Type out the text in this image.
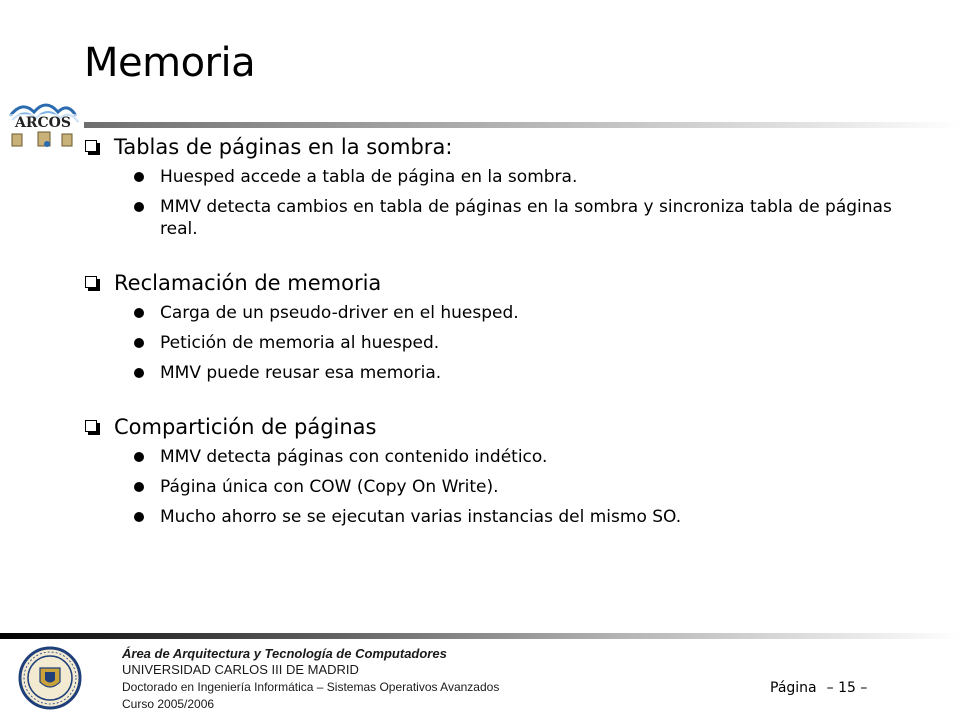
Memoria
ARCOS
Tablas de páginas en la sombra:
Huesped accede a tabla de página en la sombra.
MMV detecta cambios en tabla de páginas en la sombra y sincroniza tabla de páginas real.
Reclamación de memoria
Carga de un pseudo-driver en el huesped.
Petición de memoria al huesped.
MMV puede reusar esa memoria.
Compartición de páginas
MMV detecta páginas con contenido indético.
Página única con COW (Copy On Write).
Mucho ahorro se se ejecutan varias instancias del mismo SO.
Área de Arquitectura y Tecnología de Computadores
UNIVERSIDAD CARLOS III DE MADRID
Doctorado en Ingeniería Informática – Sistemas Operativos Avanzados
Curso 2005/2006
Página – 15 –
